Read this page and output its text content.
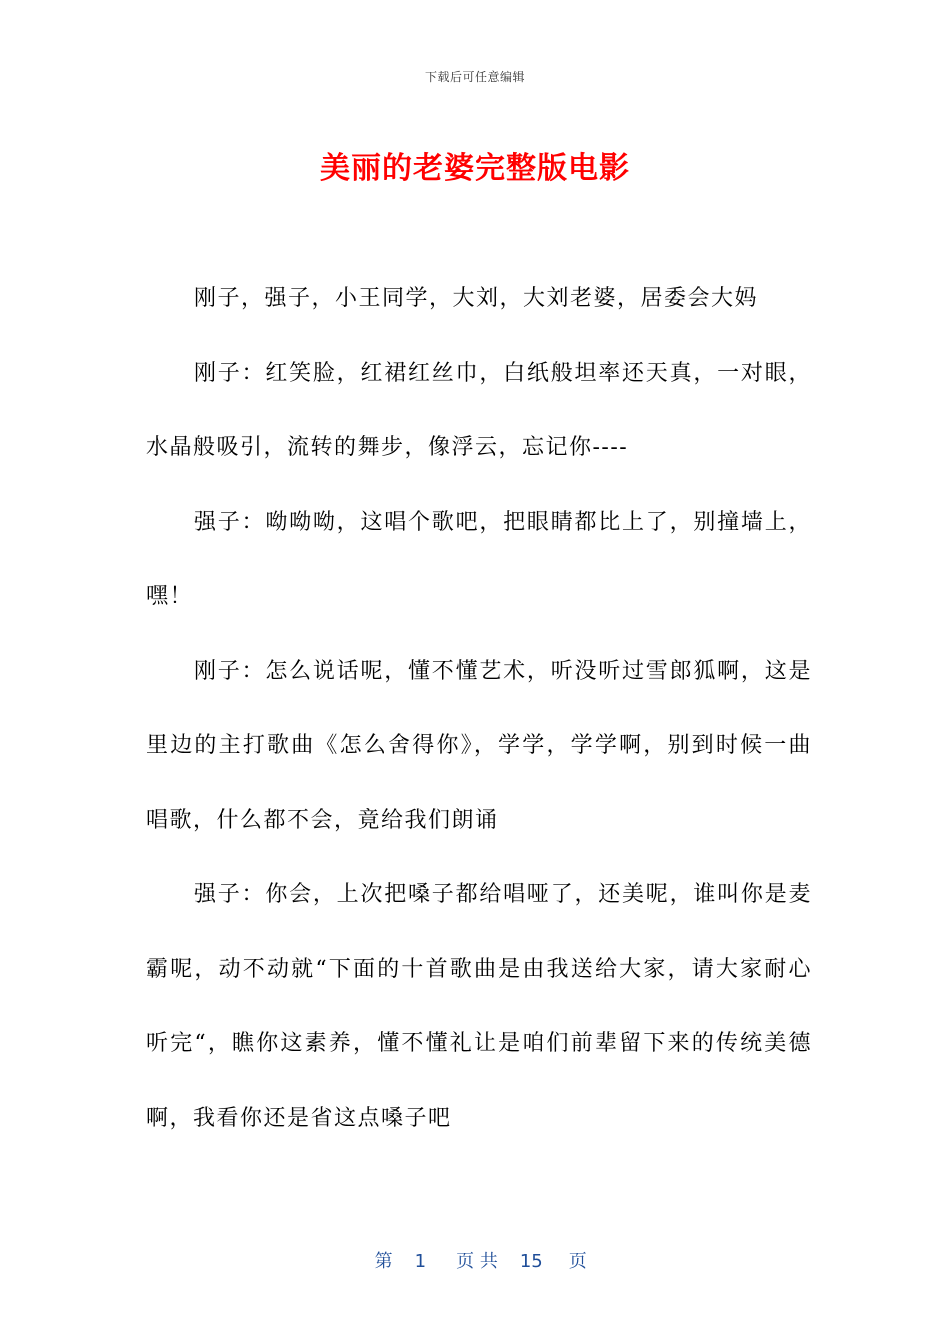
下载后可任意编辑
美丽的老婆完整版电影

刚子，强子，小王同学，大刘，大刘老婆，居委会大妈

刚子：红笑脸，红裙红丝巾，白纸般坦率还天真，一对眼，水晶般吸引，流转的舞步，像浮云，忘记你----

强子：呦呦呦，这唱个歌吧，把眼睛都比上了，别撞墙上，嘿！

刚子：怎么说话呢，懂不懂艺术，听没听过雪郎狐啊，这是里边的主打歌曲《怎么舍得你》，学学，学学啊，别到时候一曲唱歌，什么都不会，竟给我们朗诵

强子：你会，上次把嗓子都给唱哑了，还美呢，谁叫你是麦霸呢，动不动就“下面的十首歌曲是由我送给大家，请大家耐心听完“，瞧你这素养，懂不懂礼让是咱们前辈留下来的传统美德啊，我看你还是省这点嗓子吧

第 1 页 共 15 页
